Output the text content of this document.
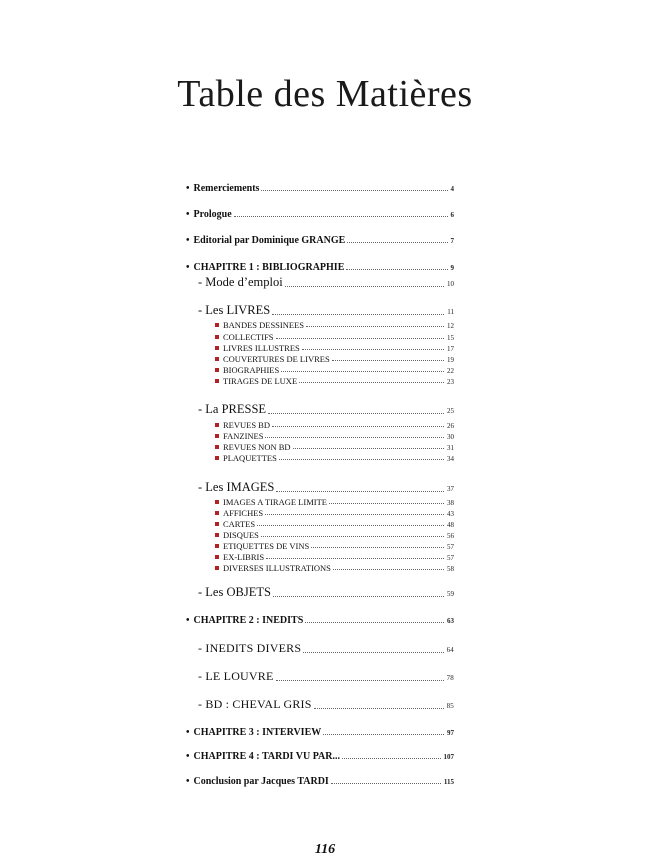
Table des Matières
• Remerciements	4
• Prologue	6
• Editorial par Dominique GRANGE	7
• CHAPITRE 1 : BIBLIOGRAPHIE	9
- Mode d’emploi	10
- Les LIVRES	11
BANDES DESSINEES	12
COLLECTIFS	15
LIVRES ILLUSTRES	17
COUVERTURES DE LIVRES	19
BIOGRAPHIES	22
TIRAGES DE LUXE	23
- La PRESSE	25
REVUES BD	26
FANZINES	30
REVUES NON BD	31
PLAQUETTES	34
- Les IMAGES	37
IMAGES A TIRAGE LIMITE	38
AFFICHES	43
CARTES	48
DISQUES	56
ETIQUETTES DE VINS	57
EX-LIBRIS	57
DIVERSES ILLUSTRATIONS	58
- Les OBJETS	59
• CHAPITRE 2 : INEDITS	63
- INEDITS DIVERS	64
- LE LOUVRE	78
- BD : CHEVAL GRIS	85
• CHAPITRE 3 : INTERVIEW	97
• CHAPITRE 4 : TARDI VU PAR...	107
• Conclusion par Jacques TARDI	115
116
